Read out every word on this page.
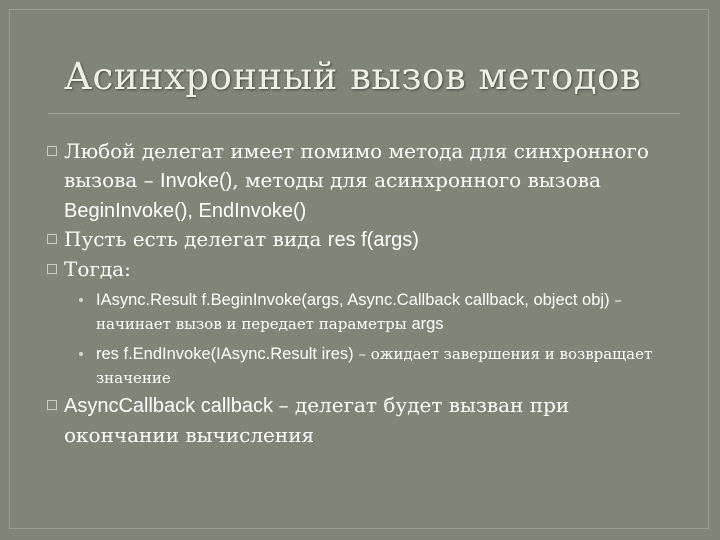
Асинхронный вызов методов
Любой делегат имеет помимо метода для синхронного вызова – Invoke(), методы для асинхронного вызова BeginInvoke(), EndInvoke()
Пусть есть делегат вида res f(args)
Тогда:
IAsync.Result f.BeginInvoke(args, Async.Callback callback, object obj) – начинает вызов и передает параметры args
res f.EndInvoke(IAsync.Result ires) – ожидает завершения и возвращает значение
AsyncCallback callback – делегат будет вызван при окончании вычисления
